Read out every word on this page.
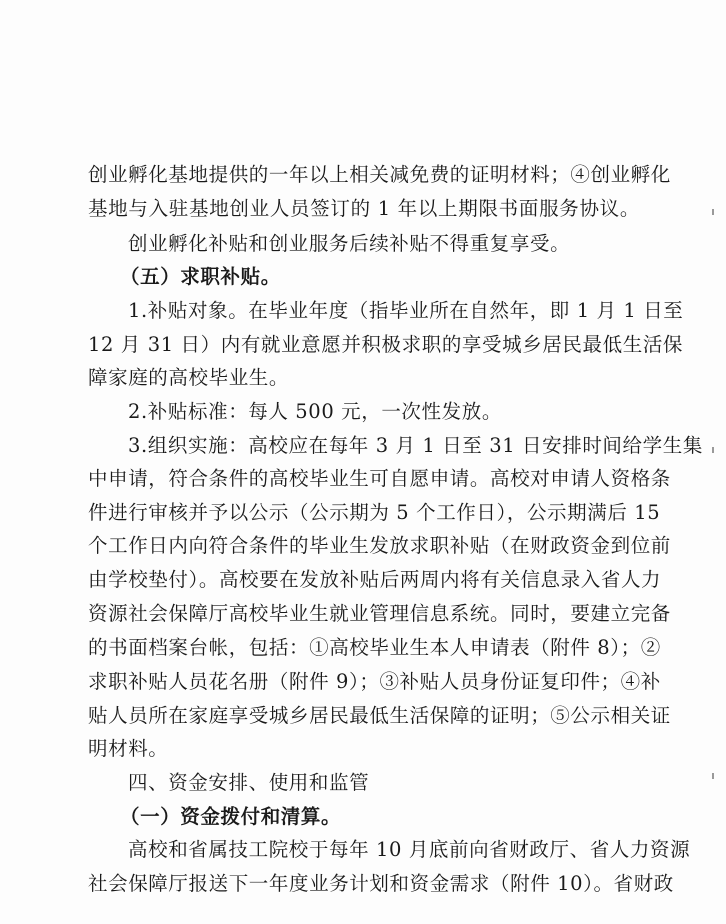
创业孵化基地提供的一年以上相关减免费的证明材料；④创业孵化
基地与入驻基地创业人员签订的 1 年以上期限书面服务协议。
创业孵化补贴和创业服务后续补贴不得重复享受。
（五）求职补贴。
1.补贴对象。在毕业年度（指毕业所在自然年，即 1 月 1 日至
12 月 31 日）内有就业意愿并积极求职的享受城乡居民最低生活保
障家庭的高校毕业生。
2.补贴标准：每人 500 元，一次性发放。
3.组织实施：高校应在每年 3 月 1 日至 31 日安排时间给学生集
中申请，符合条件的高校毕业生可自愿申请。高校对申请人资格条
件进行审核并予以公示（公示期为 5 个工作日），公示期满后 15
个工作日内向符合条件的毕业生发放求职补贴（在财政资金到位前
由学校垫付）。高校要在发放补贴后两周内将有关信息录入省人力
资源社会保障厅高校毕业生就业管理信息系统。同时，要建立完备
的书面档案台帐，包括：①高校毕业生本人申请表（附件 8）；②
求职补贴人员花名册（附件 9）；③补贴人员身份证复印件；④补
贴人员所在家庭享受城乡居民最低生活保障的证明；⑤公示相关证
明材料。
四、资金安排、使用和监管
（一）资金拨付和清算。
高校和省属技工院校于每年 10 月底前向省财政厅、省人力资源
社会保障厅报送下一年度业务计划和资金需求（附件 10）。省财政
